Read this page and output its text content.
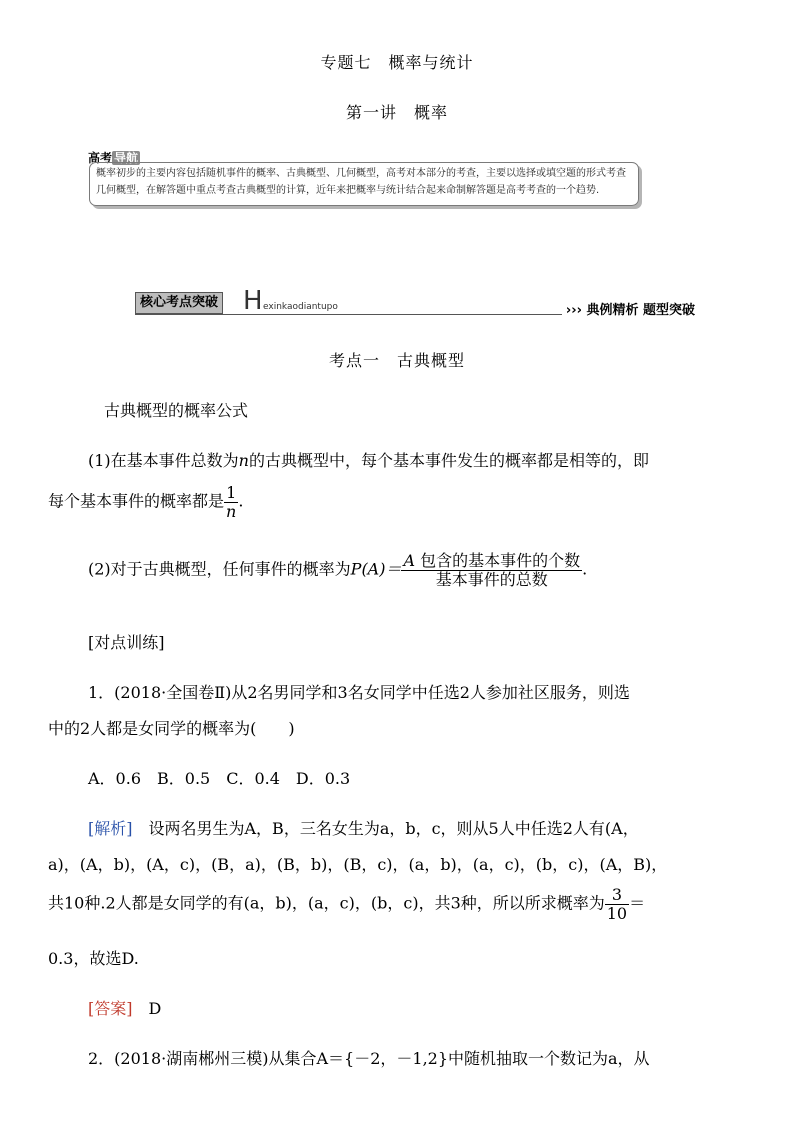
专题七　概率与统计
第一讲　概率
高考 导航
概率初步的主要内容包括随机事件的概率、古典概型、几何概型，高考对本部分的考查，主要以选择或填空题的形式考查几何概型，在解答题中重点考查古典概型的计算，近年来把概率与统计结合起来命制解答题是高考考查的一个趋势.
核心考点突破 H exinkaodiantupo	››› 典例精析 题型突破
考点一　古典概型
古典概型的概率公式
(1)在基本事件总数为n的古典概型中，每个基本事件发生的概率都是相等的，即
每个基本事件的概率都是 $\frac{1}{n}$ .
(2)对于古典概型，任何事件的概率为$P(A)= \frac{\text{A 包含的基本事件的个数}}{\text{基本事件的总数}}$ .
[对点训练]
1．(2018·全国卷Ⅱ)从2名男同学和3名女同学中任选2人参加社区服务，则选
中的2人都是女同学的概率为(　　)
A．0.6　B．0.5　C．0.4　D．0.3
[解析]　设两名男生为A，B，三名女生为a，b，c，则从5人中任选2人有(A，
a)，(A，b)，(A，c)，(B，a)，(B，b)，(B，c)，(a，b)，(a，c)，(b，c)，(A，B)，
共10种.2人都是女同学的有(a，b)，(a，c)，(b，c)，共3种，所以所求概率为 $\frac{3}{10}$ ＝
0.3，故选D.
[答案]　D
2．(2018·湖南郴州三模)从集合A＝{－2，－1,2}中随机抽取一个数记为a，从
